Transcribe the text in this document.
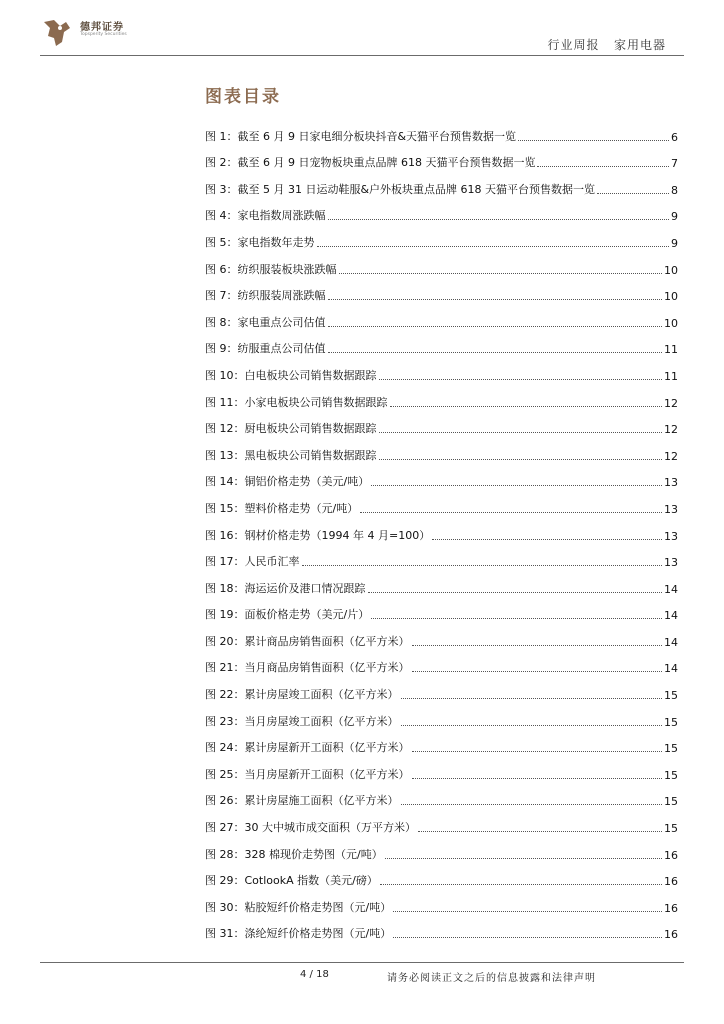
德邦证券
Topsperity Securities
行业周报 家用电器
图表目录
图 1：截至 6 月 9 日家电细分板块抖音&天猫平台预售数据一览	6
图 2：截至 6 月 9 日宠物板块重点品牌 618 天猫平台预售数据一览	7
图 3：截至 5 月 31 日运动鞋服&户外板块重点品牌 618 天猫平台预售数据一览	8
图 4：家电指数周涨跌幅	9
图 5：家电指数年走势	9
图 6：纺织服装板块涨跌幅	10
图 7：纺织服装周涨跌幅	10
图 8：家电重点公司估值	10
图 9：纺服重点公司估值	11
图 10：白电板块公司销售数据跟踪	11
图 11：小家电板块公司销售数据跟踪	12
图 12：厨电板块公司销售数据跟踪	12
图 13：黑电板块公司销售数据跟踪	12
图 14：铜铝价格走势（美元/吨）	13
图 15：塑料价格走势（元/吨）	13
图 16：钢材价格走势（1994 年 4 月=100）	13
图 17：人民币汇率	13
图 18：海运运价及港口情况跟踪	14
图 19：面板价格走势（美元/片）	14
图 20：累计商品房销售面积（亿平方米）	14
图 21：当月商品房销售面积（亿平方米）	14
图 22：累计房屋竣工面积（亿平方米）	15
图 23：当月房屋竣工面积（亿平方米）	15
图 24：累计房屋新开工面积（亿平方米）	15
图 25：当月房屋新开工面积（亿平方米）	15
图 26：累计房屋施工面积（亿平方米）	15
图 27：30 大中城市成交面积（万平方米）	15
图 28：328 棉现价走势图（元/吨）	16
图 29：CotlookA 指数（美元/磅）	16
图 30：粘胶短纤价格走势图（元/吨）	16
图 31：涤纶短纤价格走势图（元/吨）	16
4 / 18	请务必阅读正文之后的信息披露和法律声明
